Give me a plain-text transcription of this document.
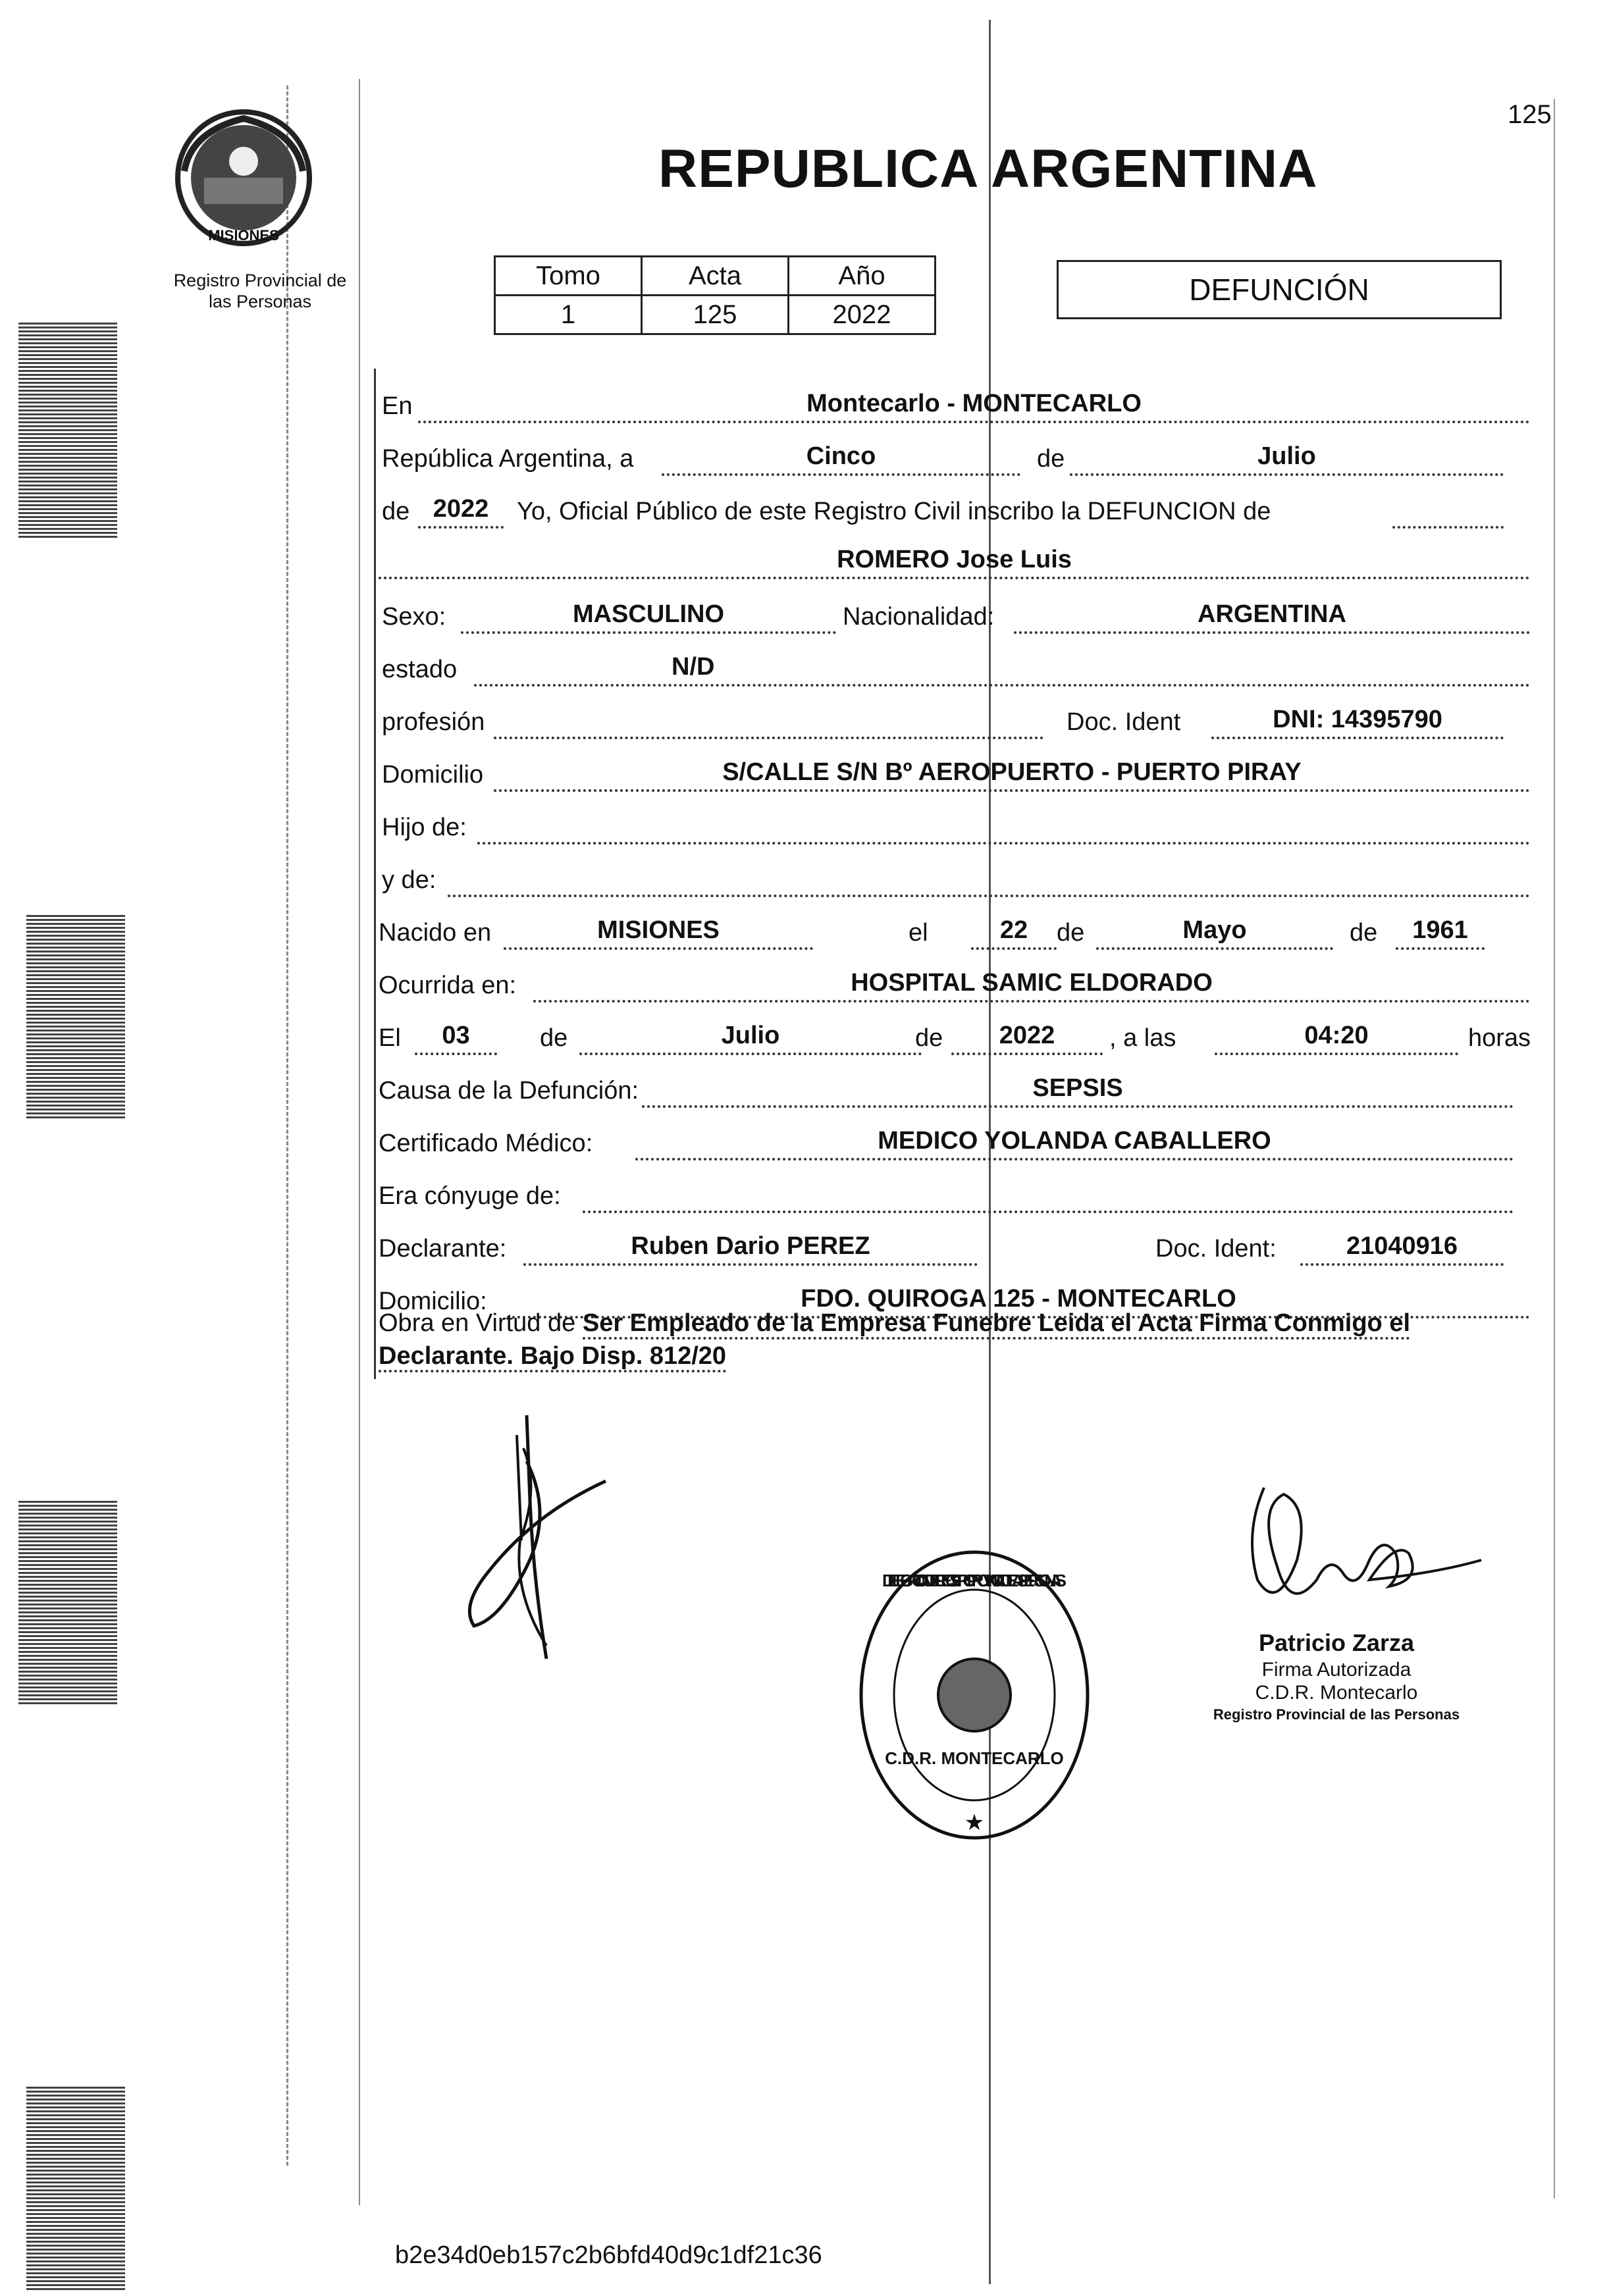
125
MISIONES
Registro Provincial de
las Personas
REPUBLICA ARGENTINA
Tomo	Acta	Año
1	125	2022
DEFUNCIÓN
En	Montecarlo - MONTECARLO
República Argentina, a	Cinco	de	Julio
de 2022	Yo, Oficial Público de este Registro Civil inscribo la DEFUNCION de
ROMERO Jose Luis
Sexo:	MASCULINO	Nacionalidad:	ARGENTINA
estado	N/D
profesión	Doc. Ident	DNI: 14395790
Domicilio	S/CALLE S/N Bº AEROPUERTO - PUERTO PIRAY
Hijo de:
y de:
Nacido en	MISIONES	el	22	de	Mayo	de	1961
Ocurrida en:	HOSPITAL SAMIC ELDORADO
El	03	de	Julio	de	2022	, a las	04:20	horas
Causa de la Defunción:	SEPSIS
Certificado Médico:	MEDICO YOLANDA CABALLERO
Era cónyuge de:
Declarante:	Ruben Dario PEREZ	Doc. Ident:	21040916
Domicilio:	FDO. QUIROGA 125 - MONTECARLO
Obra en Virtud de Ser Empleado de la Empresa Funebre Leida el Acta Firma Conmigo el Declarante. Bajo Disp. 812/20
Patricio Zarza
Firma Autorizada
C.D.R. Montecarlo
Registro Provincial de las Personas
DELEGACION DEL REGISTRO PROVINCIAL DE LAS PERSONAS
C.D.R. MONTECARLO
★
b2e34d0eb157c2b6bfd40d9c1df21c36
